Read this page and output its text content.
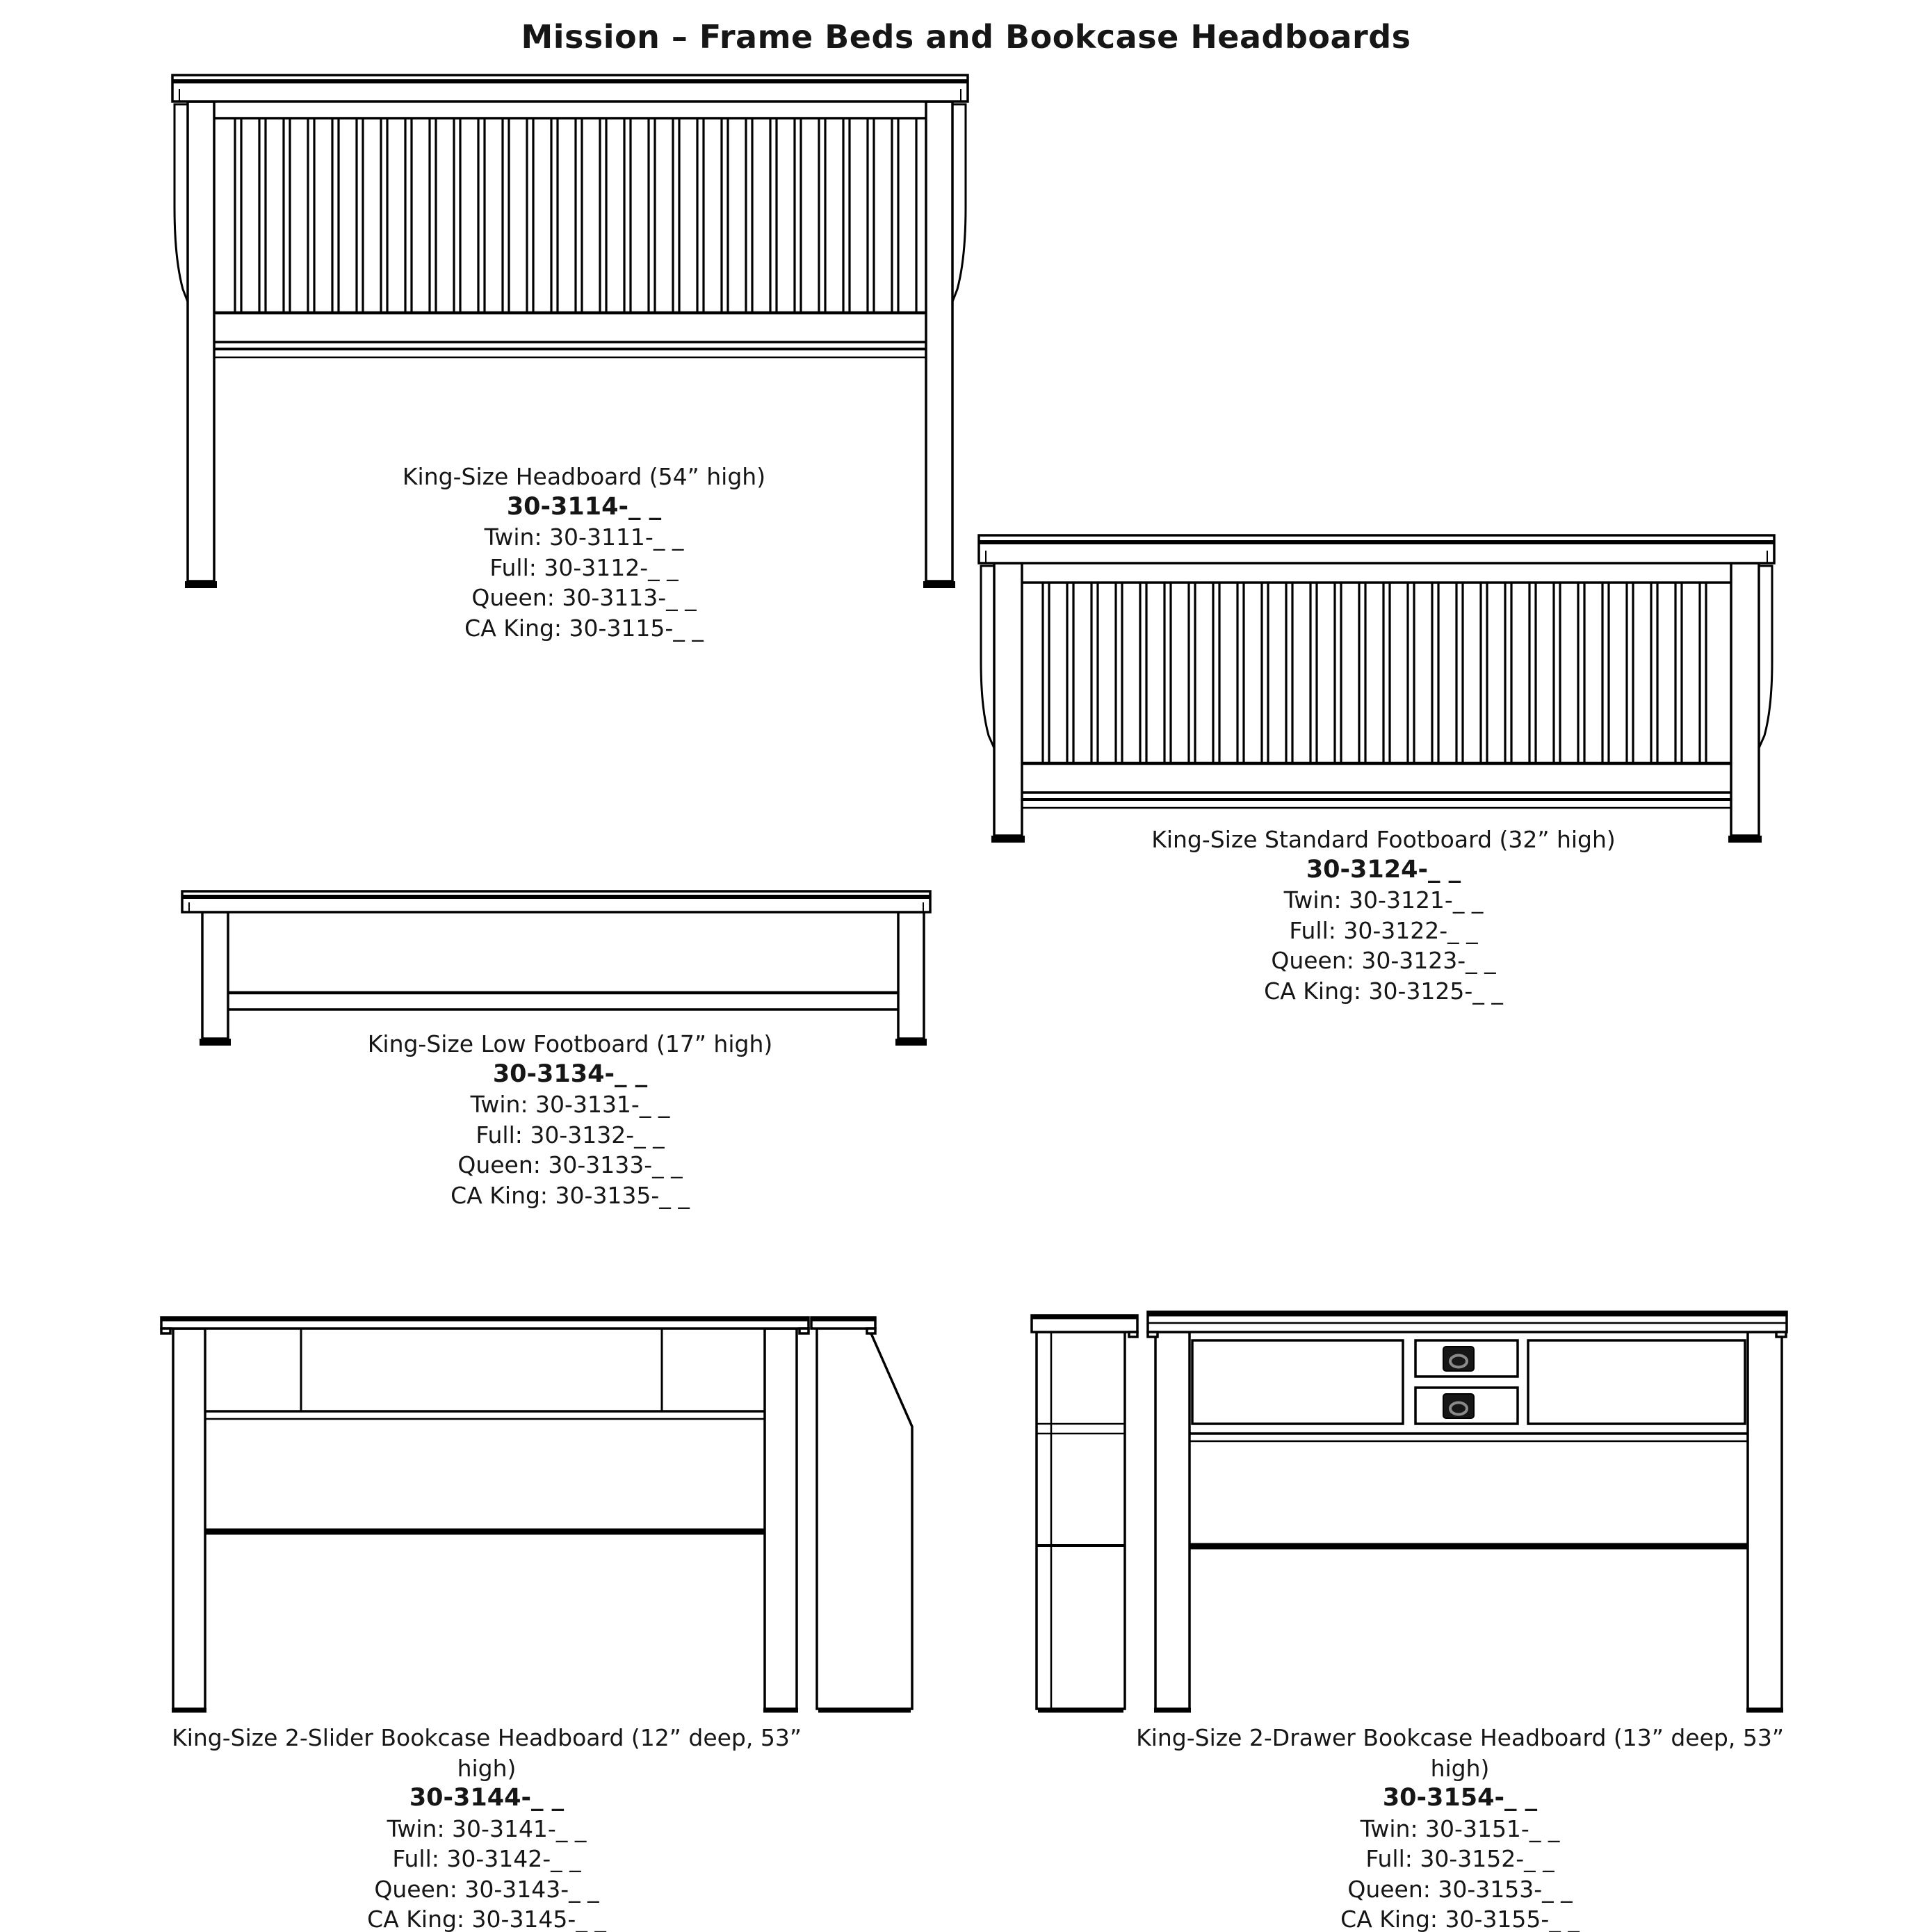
Mission – Frame Beds and Bookcase Headboards
King-Size Headboard (54” high)
30-3114-_ _
Twin: 30-3111-_ _
Full: 30-3112-_ _
Queen: 30-3113-_ _
CA King: 30-3115-_ _
King-Size Standard Footboard (32” high)
30-3124-_ _
Twin: 30-3121-_ _
Full: 30-3122-_ _
Queen: 30-3123-_ _
CA King: 30-3125-_ _
King-Size Low Footboard (17” high)
30-3134-_ _
Twin: 30-3131-_ _
Full: 30-3132-_ _
Queen: 30-3133-_ _
CA King: 30-3135-_ _
King-Size 2-Slider Bookcase Headboard (12” deep, 53” high)
30-3144-_ _
Twin: 30-3141-_ _
Full: 30-3142-_ _
Queen: 30-3143-_ _
CA King: 30-3145-_ _
King-Size 2-Drawer Bookcase Headboard (13” deep, 53” high)
30-3154-_ _
Twin: 30-3151-_ _
Full: 30-3152-_ _
Queen: 30-3153-_ _
CA King: 30-3155-_ _
